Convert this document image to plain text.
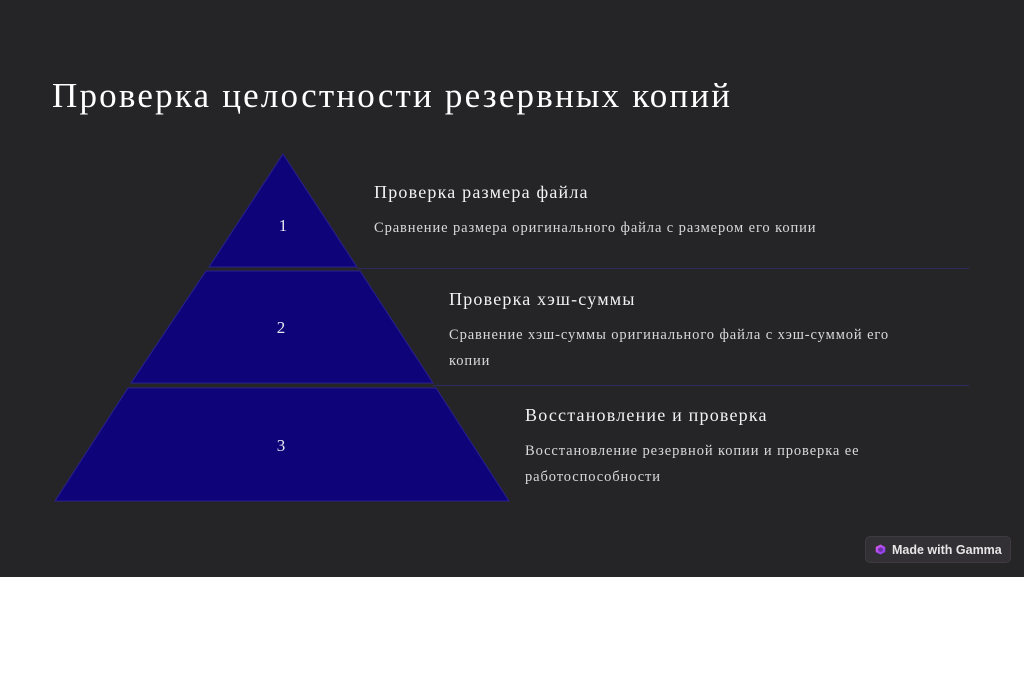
Проверка целостности резервных копий
1
2
3
Проверка размера файла

Сравнение размера оригинального файла с размером его копии

Проверка хэш-суммы

Сравнение хэш-суммы оригинального файла с хэш-суммой его копии

Восстановление и проверка

Восстановление резервной копии и проверка ее работоспособности

Made with Gamma
